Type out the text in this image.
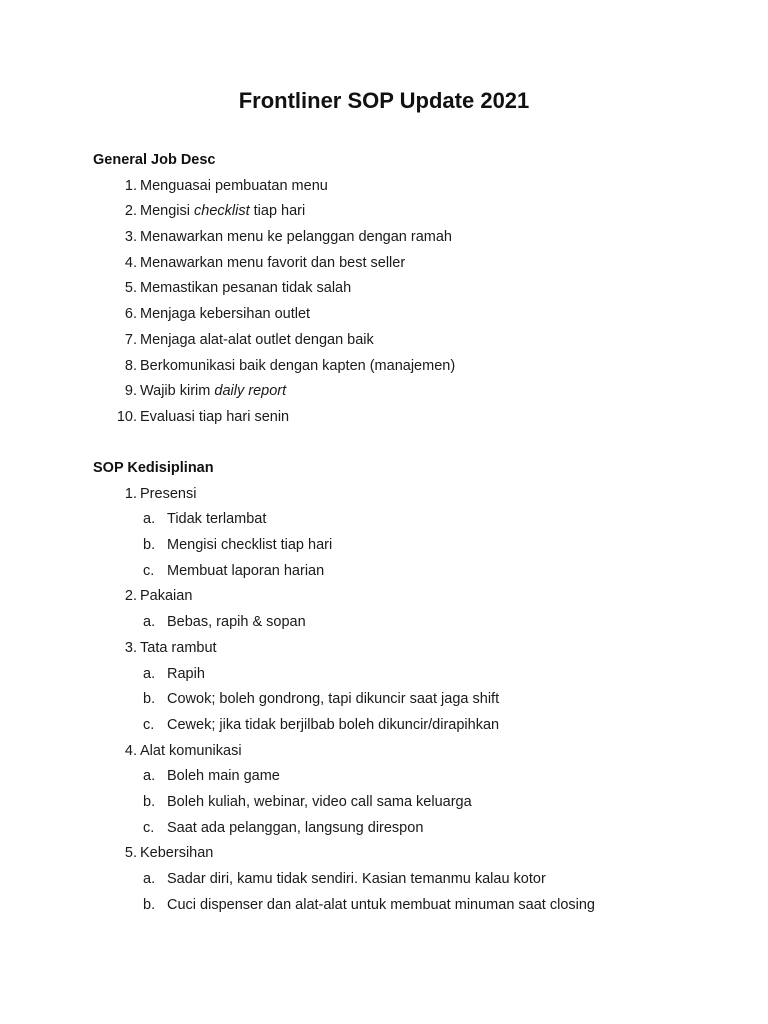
Frontliner SOP Update 2021
General Job Desc
1. Menguasai pembuatan menu
2. Mengisi checklist tiap hari
3. Menawarkan menu ke pelanggan dengan ramah
4. Menawarkan menu favorit dan best seller
5. Memastikan pesanan tidak salah
6. Menjaga kebersihan outlet
7. Menjaga alat-alat outlet dengan baik
8. Berkomunikasi baik dengan kapten (manajemen)
9. Wajib kirim daily report
10. Evaluasi tiap hari senin
SOP Kedisiplinan
1. Presensi
a. Tidak terlambat
b. Mengisi checklist tiap hari
c. Membuat laporan harian
2. Pakaian
a. Bebas, rapih & sopan
3. Tata rambut
a. Rapih
b. Cowok; boleh gondrong, tapi dikuncir saat jaga shift
c. Cewek; jika tidak berjilbab boleh dikuncir/dirapihkan
4. Alat komunikasi
a. Boleh main game
b. Boleh kuliah, webinar, video call sama keluarga
c. Saat ada pelanggan, langsung direspon
5. Kebersihan
a. Sadar diri, kamu tidak sendiri. Kasian temanmu kalau kotor
b. Cuci dispenser dan alat-alat untuk membuat minuman saat closing
